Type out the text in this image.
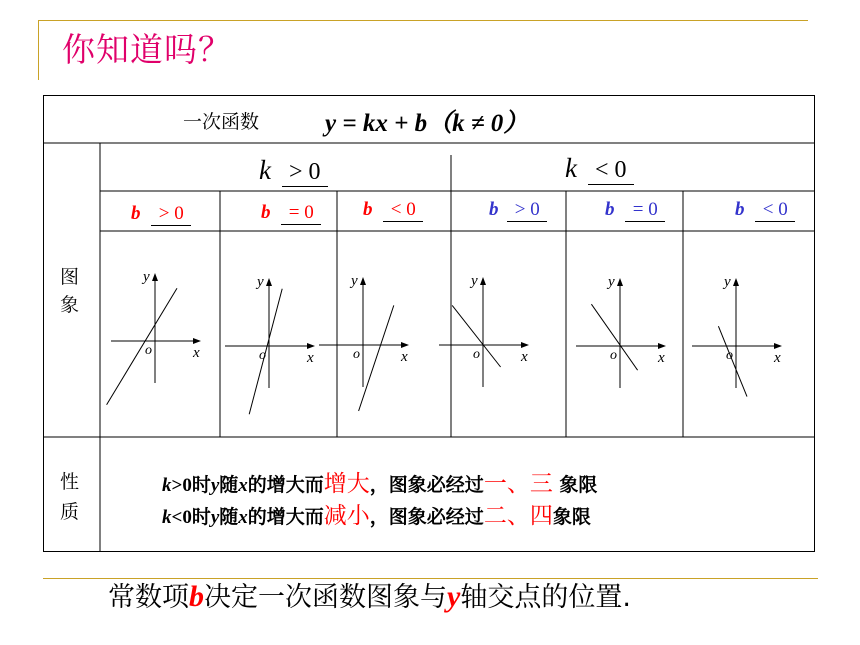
你知道吗？
y
x
o
y
x
o
y
x
o
y
x
o
y
x
o
y
x
o
一次函数	y = kx + b（k ≠ 0）
k > 0	k < 0
b > 0	b = 0	b < 0	b > 0	b = 0	b < 0
图
象
性
质
k>0时y随x的增大而增大，图象必经过一、三 象限
k<0时y随x的增大而减小，图象必经过二、四象限
常数项b决定一次函数图象与y轴交点的位置.
